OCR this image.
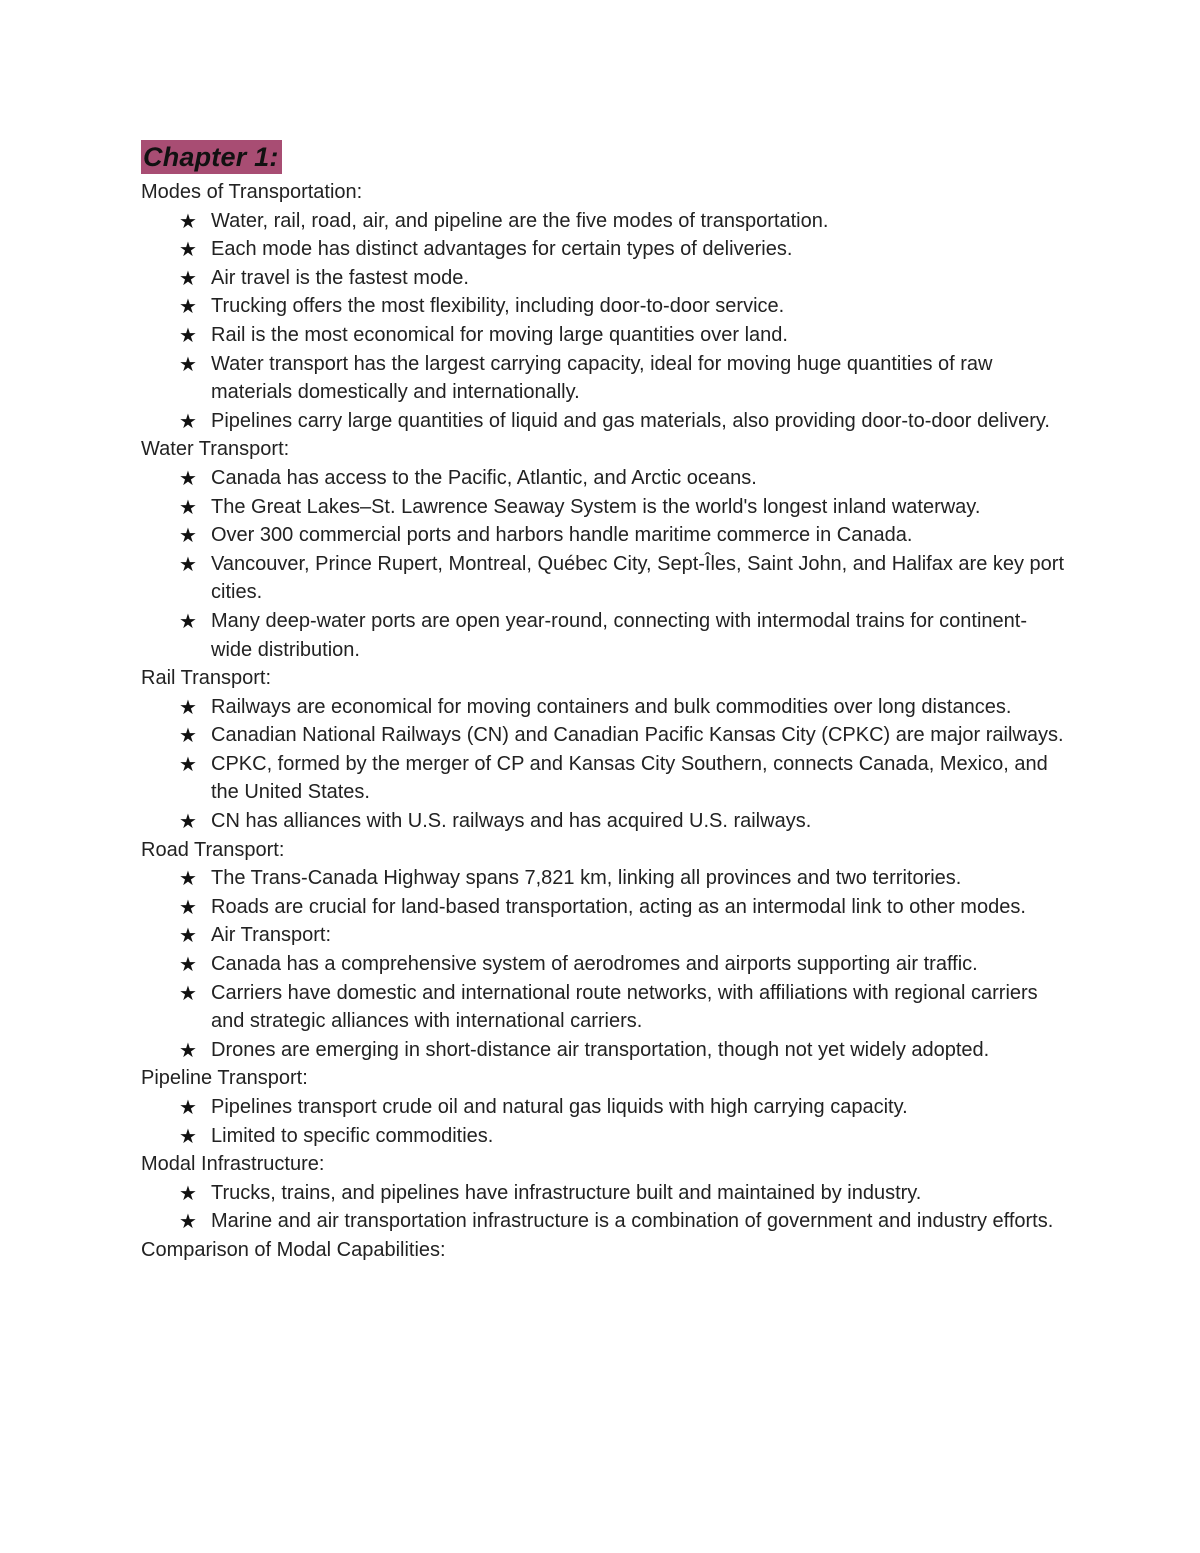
Chapter 1:
Modes of Transportation:
★ Water, rail, road, air, and pipeline are the five modes of transportation.
★ Each mode has distinct advantages for certain types of deliveries.
★ Air travel is the fastest mode.
★ Trucking offers the most flexibility, including door-to-door service.
★ Rail is the most economical for moving large quantities over land.
★ Water transport has the largest carrying capacity, ideal for moving huge quantities of raw materials domestically and internationally.
★ Pipelines carry large quantities of liquid and gas materials, also providing door-to-door delivery.
Water Transport:
★ Canada has access to the Pacific, Atlantic, and Arctic oceans.
★ The Great Lakes–St. Lawrence Seaway System is the world's longest inland waterway.
★ Over 300 commercial ports and harbors handle maritime commerce in Canada.
★ Vancouver, Prince Rupert, Montreal, Québec City, Sept-Îles, Saint John, and Halifax are key port cities.
★ Many deep-water ports are open year-round, connecting with intermodal trains for continent-wide distribution.
Rail Transport:
★ Railways are economical for moving containers and bulk commodities over long distances.
★ Canadian National Railways (CN) and Canadian Pacific Kansas City (CPKC) are major railways.
★ CPKC, formed by the merger of CP and Kansas City Southern, connects Canada, Mexico, and the United States.
★ CN has alliances with U.S. railways and has acquired U.S. railways.
Road Transport:
★ The Trans-Canada Highway spans 7,821 km, linking all provinces and two territories.
★ Roads are crucial for land-based transportation, acting as an intermodal link to other modes.
★ Air Transport:
★ Canada has a comprehensive system of aerodromes and airports supporting air traffic.
★ Carriers have domestic and international route networks, with affiliations with regional carriers and strategic alliances with international carriers.
★ Drones are emerging in short-distance air transportation, though not yet widely adopted.
Pipeline Transport:
★ Pipelines transport crude oil and natural gas liquids with high carrying capacity.
★ Limited to specific commodities.
Modal Infrastructure:
★ Trucks, trains, and pipelines have infrastructure built and maintained by industry.
★ Marine and air transportation infrastructure is a combination of government and industry efforts.
Comparison of Modal Capabilities:
